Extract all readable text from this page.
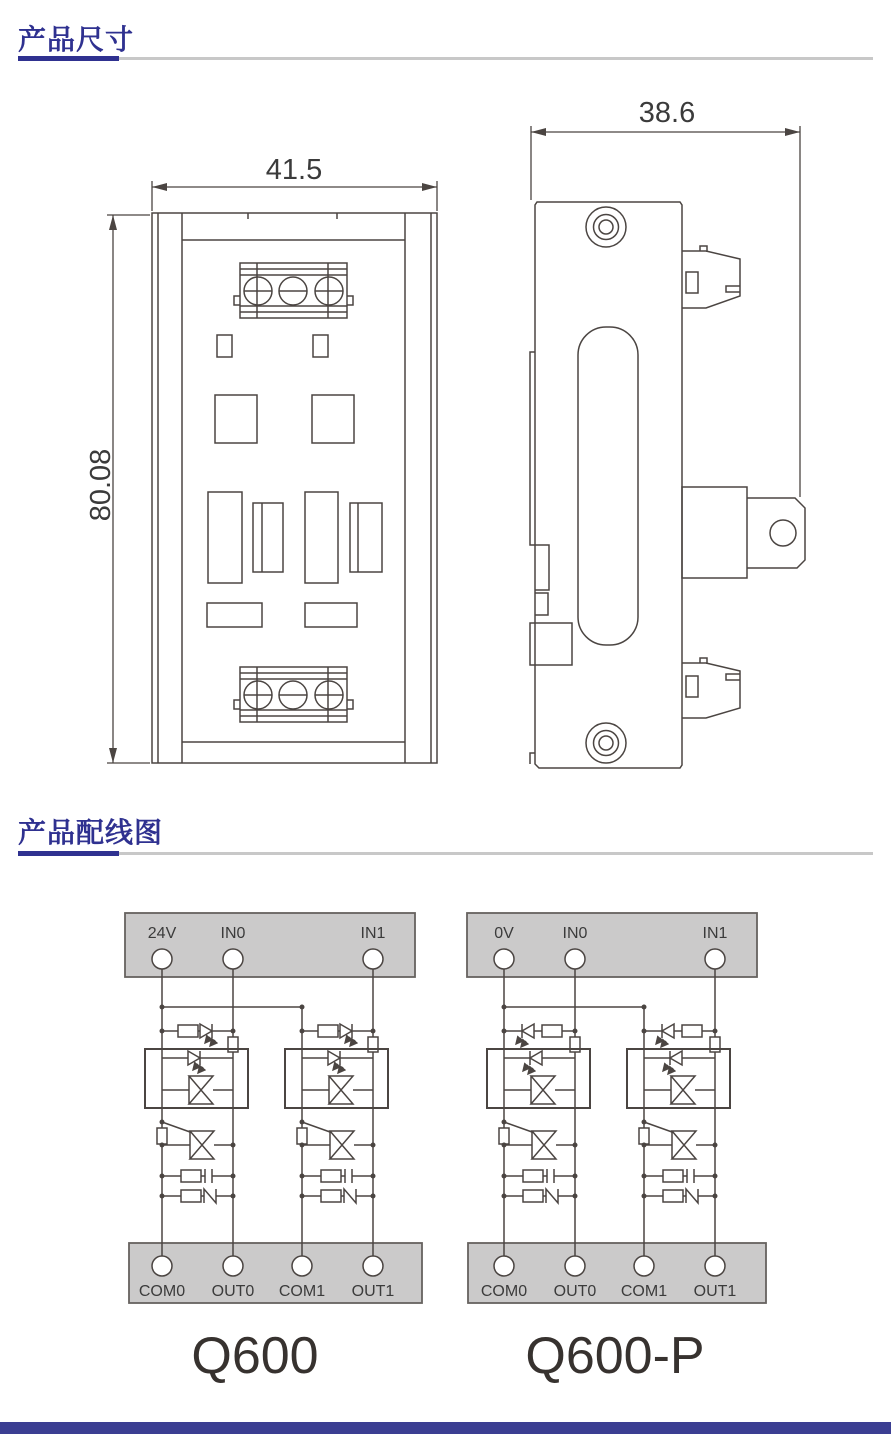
产品尺寸
产品配线图
41.5
80.08
38.6
24V	IN0	IN1
COM0 OUT0 COM1 OUT1
Q600
0V	IN0	IN1
COM0 OUT0 COM1 OUT1
Q600-P
